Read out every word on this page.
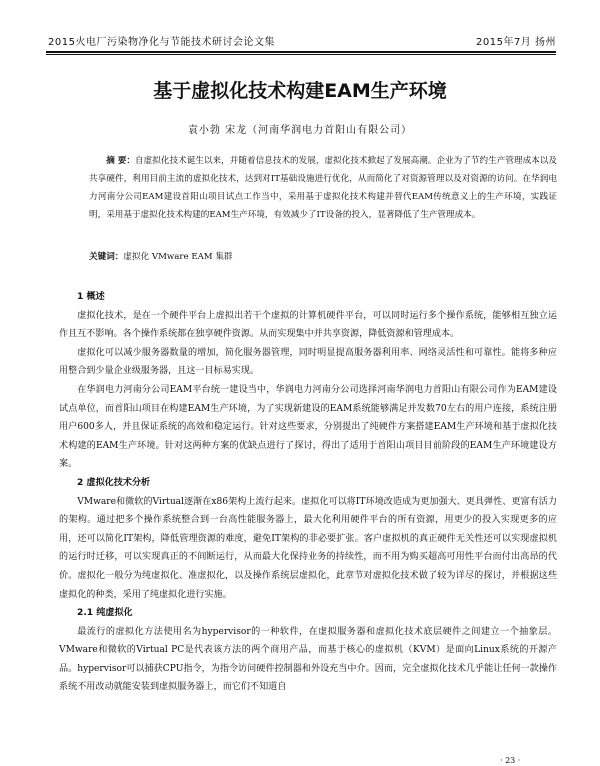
2015火电厂污染物净化与节能技术研讨会论文集	2015年7月 扬州
基于虚拟化技术构建EAM生产环境
袁小勃 宋龙（河南华润电力首阳山有限公司）
摘 要：自虚拟化技术诞生以来，并随着信息技术的发展，虚拟化技术掀起了发展高潮。企业为了节约生产管理成本以及共享硬件，利用目前主流的虚拟化技术，达到对IT基础设施进行优化，从而简化了对资源管理以及对资源的访问。在华润电力河南分公司EAM建设首阳山项目试点工作当中，采用基于虚拟化技术构建并替代EAM传统意义上的生产环境，实践证明，采用基于虚拟化技术构建的EAM生产环境，有效减少了IT设备的投入，显著降低了生产管理成本。
关键词：虚拟化 VMware EAM 集群
1 概述

虚拟化技术，是在一个硬件平台上虚拟出若干个虚拟的计算机硬件平台，可以同时运行多个操作系统，能够相互独立运作且互不影响。各个操作系统都在独享硬件资源。从而实现集中并共享资源，降低资源和管理成本。

虚拟化可以减少服务器数量的增加，简化服务器管理，同时明显提高服务器利用率、网络灵活性和可靠性。能将多种应用整合到少量企业级服务器，且这一目标易实现。

在华润电力河南分公司EAM平台统一建设当中，华润电力河南分公司选择河南华润电力首阳山有限公司作为EAM建设试点单位，而首阳山项目在构建EAM生产环境，为了实现新建设的EAM系统能够满足并发数70左右的用户连接，系统注册用户600多人，并且保证系统的高效和稳定运行。针对这些要求，分别提出了纯硬件方案搭建EAM生产环境和基于虚拟化技术构建的EAM生产环境。针对这两种方案的优缺点进行了探讨，得出了适用于首阳山项目目前阶段的EAM生产环境建设方案。

2 虚拟化技术分析

VMware和微软的Virtual逐渐在x86架构上流行起来。虚拟化可以将IT环境改造成为更加强大、更具弹性、更富有活力的架构。通过把多个操作系统整合到一台高性能服务器上，最大化利用硬件平台的所有资源，用更少的投入实现更多的应用，还可以简化IT架构，降低管理资源的难度，避免IT架构的非必要扩张。客户虚拟机的真正硬件无关性还可以实现虚拟机的运行时迁移，可以实现真正的不间断运行，从而最大化保持业务的持续性，而不用为购买超高可用性平台而付出高昂的代价。虚拟化一般分为纯虚拟化、准虚拟化，以及操作系统层虚拟化，此章节对虚拟化技术做了较为详尽的探讨，并根据这些虚拟化的种类，采用了纯虚拟化进行实施。

2.1 纯虚拟化

最流行的虚拟化方法使用名为hypervisor的一种软件，在虚拟服务器和虚拟化技术底层硬件之间建立一个抽象层。VMware和微软的Virtual PC是代表该方法的两个商用产品，而基于核心的虚拟机（KVM）是面向Linux系统的开源产品。hypervisor可以捕获CPU指令，为指令访问硬件控制器和外设充当中介。因而，完全虚拟化技术几乎能让任何一款操作系统不用改动就能安装到虚拟服务器上，而它们不知道自

· 23 ·
